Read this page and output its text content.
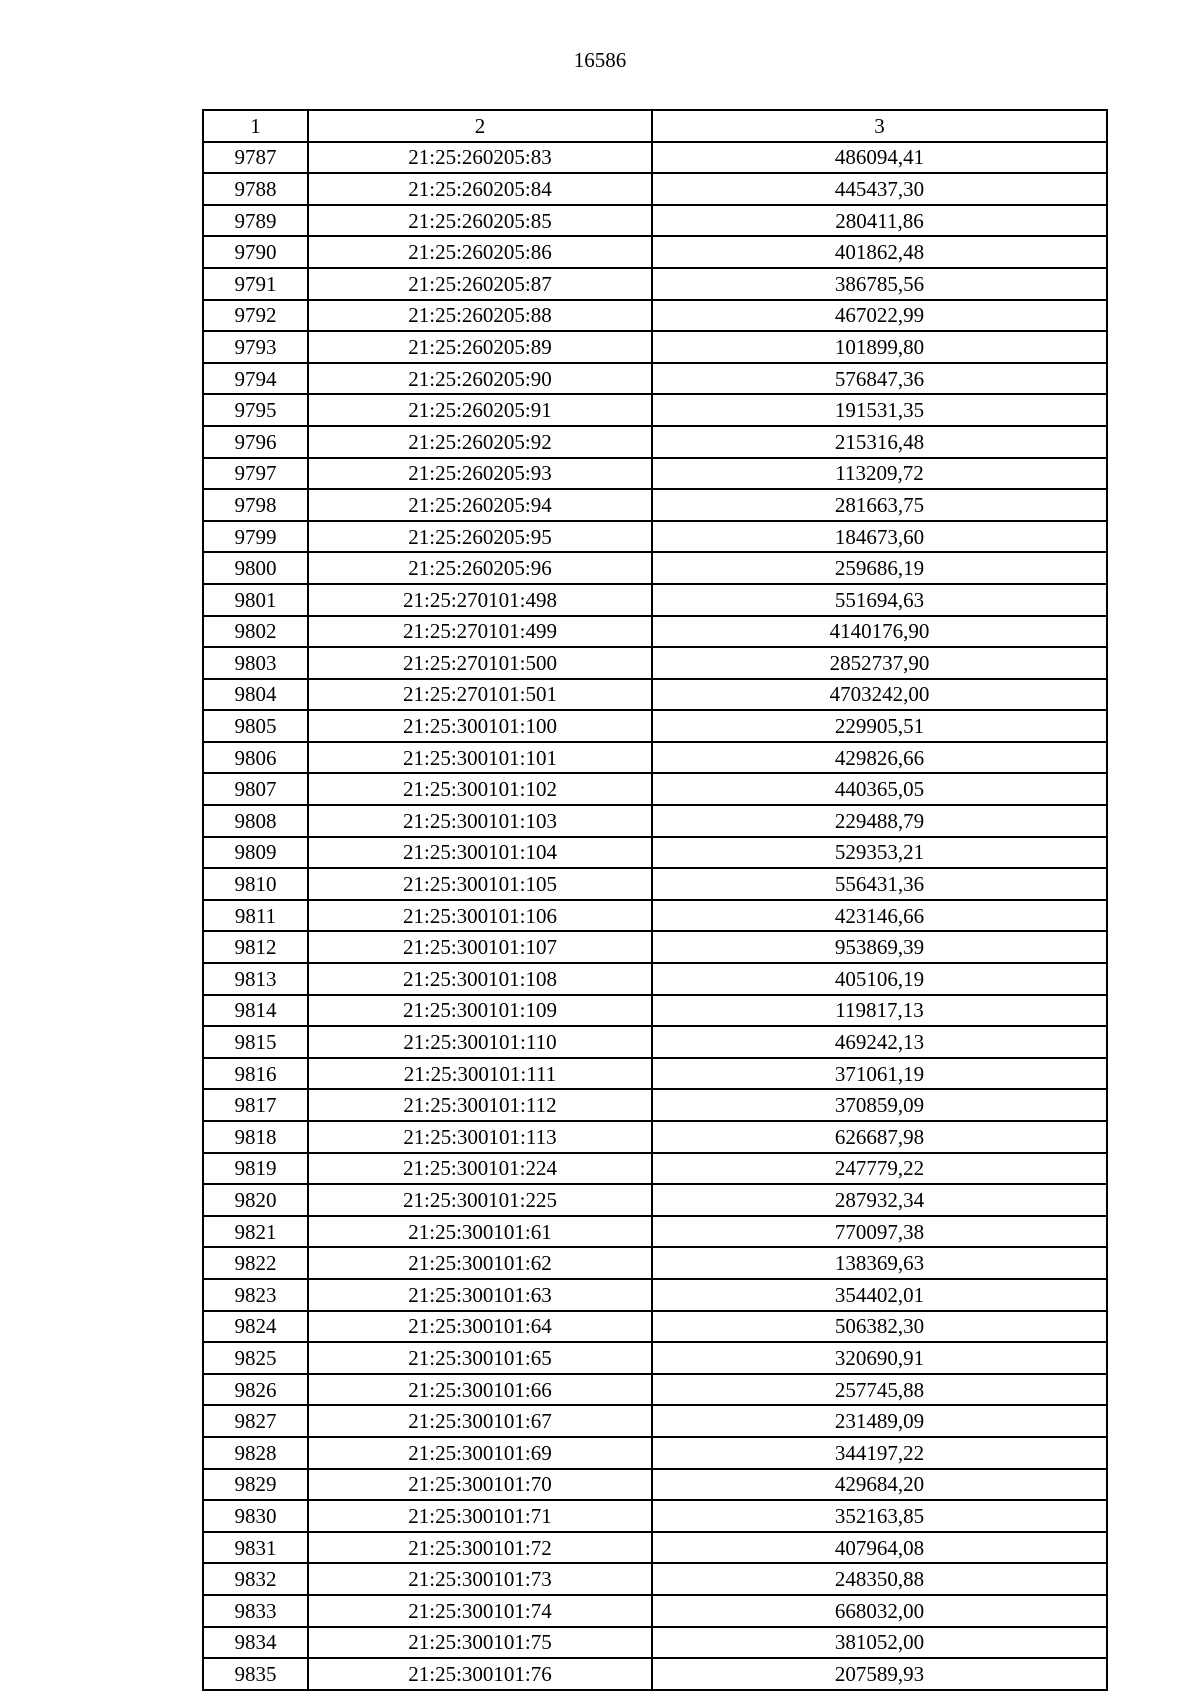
16586
1	2	3
9787	21:25:260205:83	486094,41
9788	21:25:260205:84	445437,30
9789	21:25:260205:85	280411,86
9790	21:25:260205:86	401862,48
9791	21:25:260205:87	386785,56
9792	21:25:260205:88	467022,99
9793	21:25:260205:89	101899,80
9794	21:25:260205:90	576847,36
9795	21:25:260205:91	191531,35
9796	21:25:260205:92	215316,48
9797	21:25:260205:93	113209,72
9798	21:25:260205:94	281663,75
9799	21:25:260205:95	184673,60
9800	21:25:260205:96	259686,19
9801	21:25:270101:498	551694,63
9802	21:25:270101:499	4140176,90
9803	21:25:270101:500	2852737,90
9804	21:25:270101:501	4703242,00
9805	21:25:300101:100	229905,51
9806	21:25:300101:101	429826,66
9807	21:25:300101:102	440365,05
9808	21:25:300101:103	229488,79
9809	21:25:300101:104	529353,21
9810	21:25:300101:105	556431,36
9811	21:25:300101:106	423146,66
9812	21:25:300101:107	953869,39
9813	21:25:300101:108	405106,19
9814	21:25:300101:109	119817,13
9815	21:25:300101:110	469242,13
9816	21:25:300101:111	371061,19
9817	21:25:300101:112	370859,09
9818	21:25:300101:113	626687,98
9819	21:25:300101:224	247779,22
9820	21:25:300101:225	287932,34
9821	21:25:300101:61	770097,38
9822	21:25:300101:62	138369,63
9823	21:25:300101:63	354402,01
9824	21:25:300101:64	506382,30
9825	21:25:300101:65	320690,91
9826	21:25:300101:66	257745,88
9827	21:25:300101:67	231489,09
9828	21:25:300101:69	344197,22
9829	21:25:300101:70	429684,20
9830	21:25:300101:71	352163,85
9831	21:25:300101:72	407964,08
9832	21:25:300101:73	248350,88
9833	21:25:300101:74	668032,00
9834	21:25:300101:75	381052,00
9835	21:25:300101:76	207589,93
